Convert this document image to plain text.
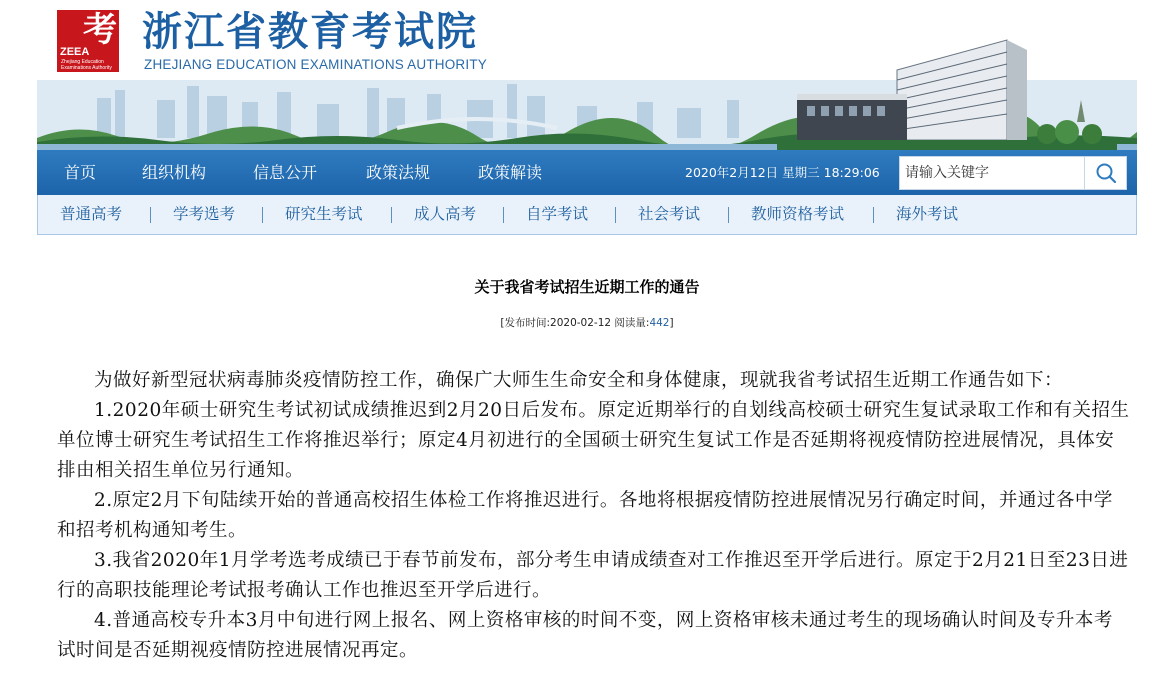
考
ZEEA
Zhejiang Education Examinations Authority
浙江省教育考试院
ZHEJIANG EDUCATION EXAMINATIONS AUTHORITY
首页	组织机构	信息公开	政策法规	政策解读	2020年2月12日 星期三 18:29:06
请输入关键字
普通高考	学考选考	研究生考试	成人高考	自学考试	社会考试	教师资格考试	海外考试
关于我省考试招生近期工作的通告
[发布时间:2020-02-12 阅读量:442]

为做好新型冠状病毒肺炎疫情防控工作，确保广大师生生命安全和身体健康，现就我省考试招生近期工作通告如下：

1.2020年硕士研究生考试初试成绩推迟到2月20日后发布。原定近期举行的自划线高校硕士研究生复试录取工作和有关招生单位博士研究生考试招生工作将推迟举行；原定4月初进行的全国硕士研究生复试工作是否延期将视疫情防控进展情况，具体安排由相关招生单位另行通知。

2.原定2月下旬陆续开始的普通高校招生体检工作将推迟进行。各地将根据疫情防控进展情况另行确定时间，并通过各中学和招考机构通知考生。

3.我省2020年1月学考选考成绩已于春节前发布，部分考生申请成绩查对工作推迟至开学后进行。原定于2月21日至23日进行的高职技能理论考试报考确认工作也推迟至开学后进行。

4.普通高校专升本3月中旬进行网上报名、网上资格审核的时间不变，网上资格审核未通过考生的现场确认时间及专升本考试时间是否延期视疫情防控进展情况再定。
